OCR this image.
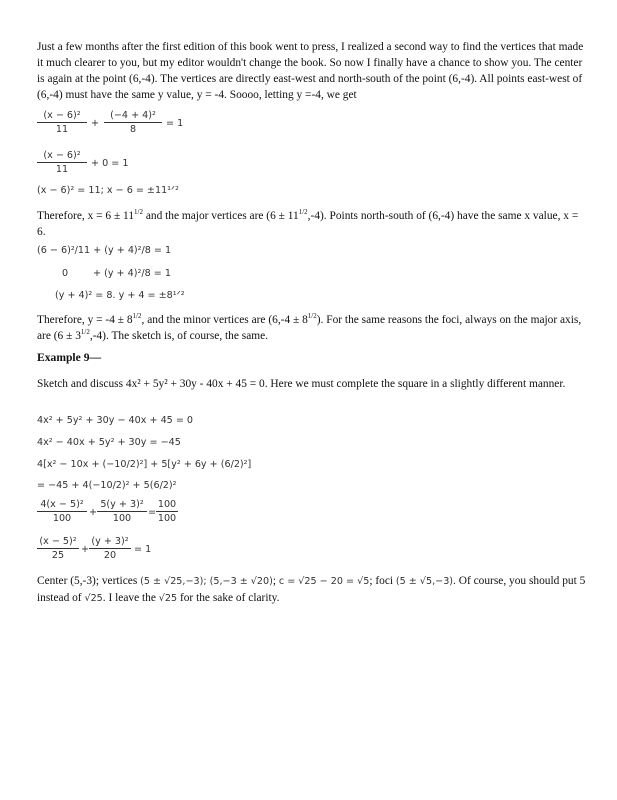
Just a few months after the first edition of this book went to press, I realized a second way to find the vertices that made it much clearer to you, but my editor wouldn't change the book. So now I finally have a chance to show you. The center is again at the point (6,-4). The vertices are directly east-west and north-south of the point (6,-4). All points east-west of (6,-4) must have the same y value, y = -4. Soooo, letting y =-4, we get
$\frac{\text{(x − 6)²}}{11} + \frac{\text{(−4 + 4)²}}{8} = 1$
$\frac{\text{(x − 6)²}}{11} + 0 = 1$
(x − 6)² = 11; x − 6 = ±11¹ᐟ²
Therefore, $x = 6 \pm 11^{1/2}$ and the major vertices are $(6 \pm 11^{1/2},-4)$. Points north-south of (6,-4) have the same x value, x = 6.
(6 − 6)²/11 + (y + 4)²/8 = 1
0	+ (y + 4)²/8 = 1
(y + 4)² = 8. y + 4 = ±8¹ᐟ²
Therefore, $y = -4 \pm 8^{1/2}$, and the minor vertices are $(6,-4 \pm 8^{1/2})$. For the same reasons the foci, always on the major axis, are $(6 \pm 3^{1/2},-4)$. The sketch is, of course, the same.
Example 9—
Sketch and discuss 4x² + 5y² + 30y - 40x + 45 = 0. Here we must complete the square in a slightly different manner.
4x² + 5y² + 30y − 40x + 45 = 0
4x² − 40x + 5y² + 30y = −45
4[x² − 10x + (−10/2)²] + 5[y² + 6y + (6/2)²]
= −45 + 4(−10/2)² + 5(6/2)²
$\frac{\text{4(x − 5)²}}{100} + \frac{\text{5(y + 3)²}}{100} = \frac{100}{100}$
$\frac{\text{(x − 5)²}}{25} + \frac{\text{(y + 3)²}}{20} = 1$
Center (5,-3); vertices (5 ± √25,−3); (5,−3 ± √20); c = √25 − 20 = √5; foci (5 ± √5,−3). Of course, you should put 5 instead of √25. I leave the √25 for the sake of clarity.
